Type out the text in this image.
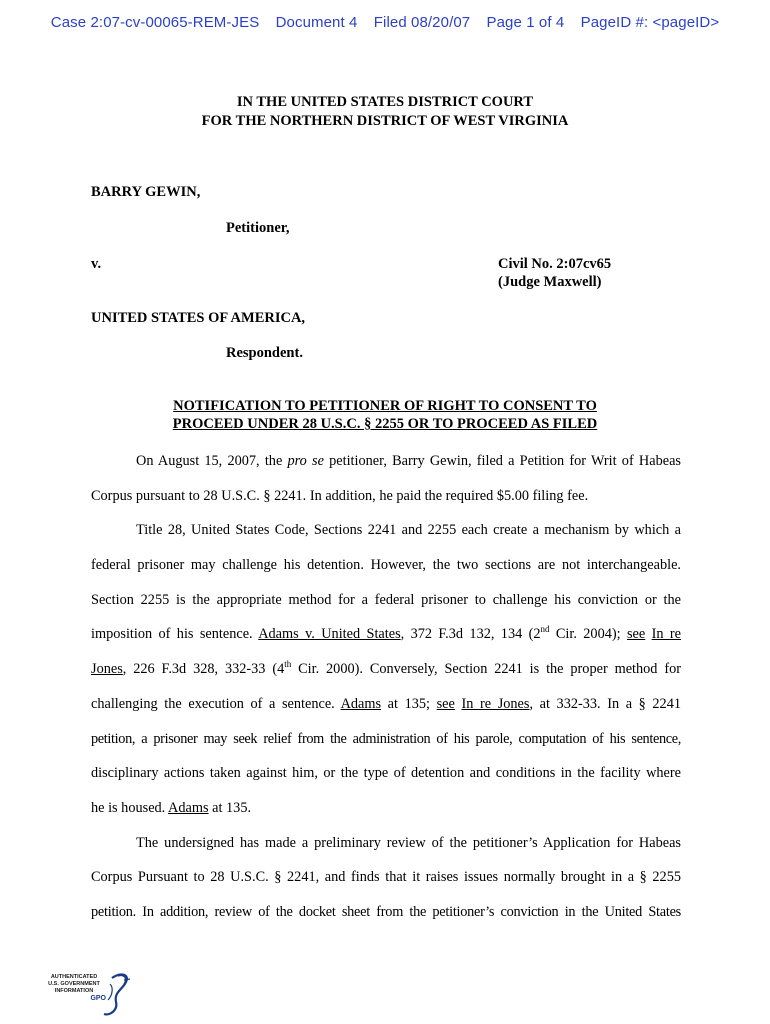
Case 2:07-cv-00065-REM-JES Document 4 Filed 08/20/07 Page 1 of 4 PageID #: <pageID>
IN THE UNITED STATES DISTRICT COURT
FOR THE NORTHERN DISTRICT OF WEST VIRGINIA
BARRY GEWIN,
Petitioner,
v.	Civil No. 2:07cv65
(Judge Maxwell)
UNITED STATES OF AMERICA,
Respondent.
NOTIFICATION TO PETITIONER OF RIGHT TO CONSENT TO
PROCEED UNDER 28 U.S.C. § 2255 OR TO PROCEED AS FILED
On August 15, 2007, the pro se petitioner, Barry Gewin, filed a Petition for Writ of Habeas
Corpus pursuant to 28 U.S.C. § 2241. In addition, he paid the required $5.00 filing fee.
Title 28, United States Code, Sections 2241 and 2255 each create a mechanism by which a
federal prisoner may challenge his detention. However, the two sections are not interchangeable.
Section 2255 is the appropriate method for a federal prisoner to challenge his conviction or the
imposition of his sentence. Adams v. United States, 372 F.3d 132, 134 (2nd Cir. 2004); see In re
Jones, 226 F.3d 328, 332-33 (4th Cir. 2000). Conversely, Section 2241 is the proper method for
challenging the execution of a sentence. Adams at 135; see In re Jones, at 332-33. In a § 2241
petition, a prisoner may seek relief from the administration of his parole, computation of his sentence,
disciplinary actions taken against him, or the type of detention and conditions in the facility where
he is housed. Adams at 135.
The undersigned has made a preliminary review of the petitioner’s Application for Habeas
Corpus Pursuant to 28 U.S.C. § 2241, and finds that it raises issues normally brought in a § 2255
petition. In addition, review of the docket sheet from the petitioner’s conviction in the United States
AUTHENTICATED
U.S. GOVERNMENT
INFORMATION
GPO
